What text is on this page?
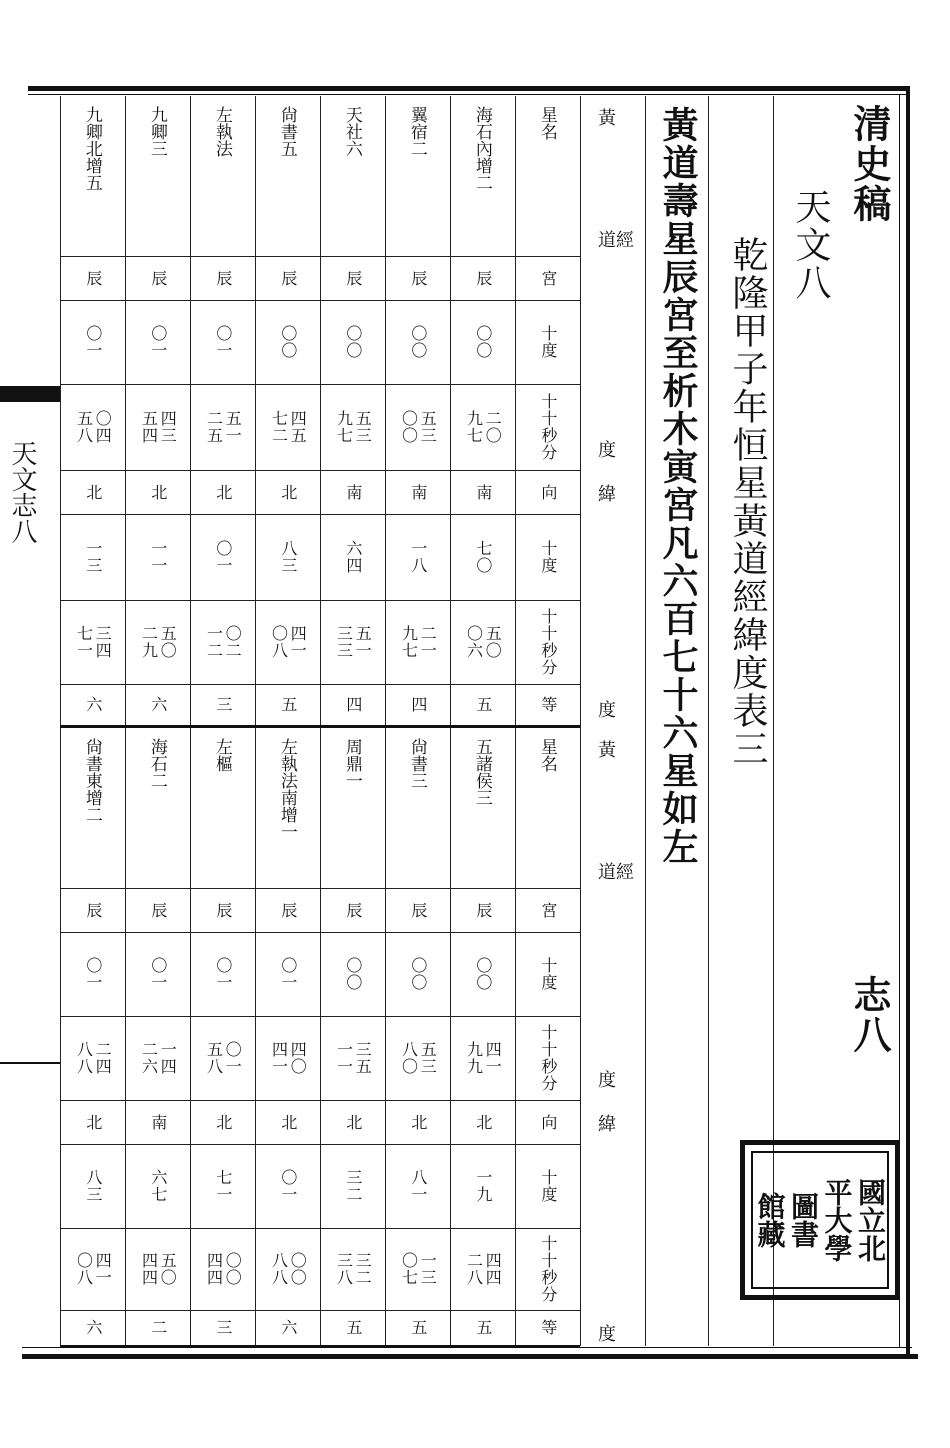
清史稿
志八
天文八
乾隆甲子年恒星黃道經緯度表三
黃道壽星辰宮至析木寅宮凡六百七十六星如左
國立北
平大學
圖書
館藏
天文志八
星名
宮
十度
十十秒分
向
十度
十十秒分
等
海石內增二
辰
〇〇
二〇
九七
南
七〇
五〇
〇六
五
翼宿二
辰
〇〇
五三
〇〇
南
一八
二一
九七
四
天社六
辰
〇〇
五三
九七
南
六四
五一
三三
四
尙書五
辰
〇〇
四五
七二
北
八三
四一
〇八
五
左執法
辰
〇一
五一
二五
北
〇一
〇二
一二
三
九卿三
辰
〇一
四三
五四
北
一一
五〇
二九
六
九卿北增五
辰
〇一
〇四
五八
北
一三
三四
七一
六
星名
宮
十度
十十秒分
向
十度
十十秒分
等
五諸侯三
辰
〇〇
四一
九九
北
一九
四四
二八
五
尙書三
辰
〇〇
五三
八〇
北
八一
一三
〇七
五
周鼎一
辰
〇〇
三五
一一
北
三二
三二
三八
五
左執法南增一
辰
〇一
四〇
四一
北
〇一
〇〇
八八
六
左樞
辰
〇一
〇一
五八
北
七一
〇〇
四四
三
海石二
辰
〇一
一四
二六
南
六七
五〇
四四
二
尙書東增二
辰
〇一
二四
八八
北
八三
四一
〇八
六
黃
道經
度
緯
度
黃
道經
度
緯
度
